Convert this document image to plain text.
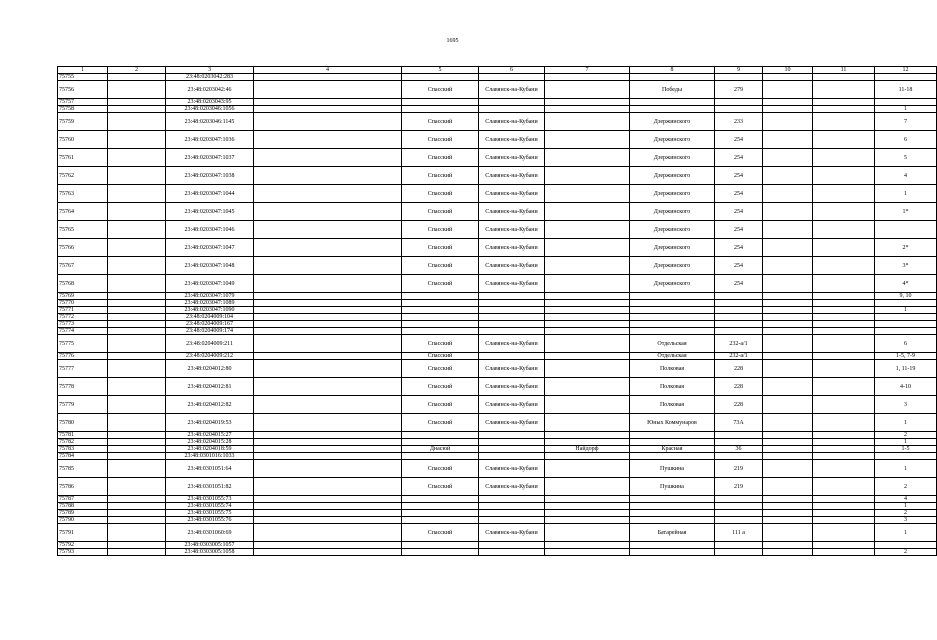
1695
1	2	3	4	5	6	7	8	9	10	11	12
75755		23:48:0203042:283									
75756		23:48:0203042:46		Спасский	Славянск-на-Кубани		Победы	279			11-18
75757		23:48:0203043:95									
75758		23:48:0203046:1056									1
75759		23:48:0203046:1145		Спасский	Славянск-на-Кубани		Дзержинского	233			7
75760		23:48:0203047:1036		Спасский	Славянск-на-Кубани		Дзержинского	254			6
75761		23:48:0203047:1037		Спасский	Славянск-на-Кубани		Дзержинского	254			5
75762		23:48:0203047:1038		Спасский	Славянск-на-Кубани		Дзержинского	254			4
75763		23:48:0203047:1044		Спасский	Славянск-на-Кубани		Дзержинского	254			1
75764		23:48:0203047:1045		Спасский	Славянск-на-Кубани		Дзержинского	254			1*
75765		23:48:0203047:1046		Спасский	Славянск-на-Кубани		Дзержинского	254			
75766		23:48:0203047:1047		Спасский	Славянск-на-Кубани		Дзержинского	254			2*
75767		23:48:0203047:1048		Спасский	Славянск-на-Кубани		Дзержинского	254			3*
75768		23:48:0203047:1049		Спасский	Славянск-на-Кубани		Дзержинского	254			4*
75769		23:48:0203047:1079									9, 10
75770		23:48:0203047:1089									
75771		23:48:0203047:1090									1
75772		23:48:0204009:104									
75773		23:48:0204009:167									
75774		23:48:0204009:174									
75775		23:48:0204009:211		Спасский	Славянск-на-Кубани		Отдельская	232-а/1			6
75776		23:48:0204009:212		Спасский			Отдельская	232-а/1			1-5, 7-9
75777		23:48:0204012:80		Спасский	Славянск-на-Кубани		Полковая	228			1, 11-19
75778		23:48:0204012:81		Спасский	Славянск-на-Кубани		Полковая	228			4-10
75779		23:48:0204012:82		Спасский	Славянск-на-Кубани		Полковая	228			3
75780		23:48:0204019:53		Спасский	Славянск-на-Кубани		Юных Коммунаров	73А			1
75781		23:48:0204015:27									2
75782		23:48:0204015:28									1
75783		23:48:0204018:59		Днасюй		Найдорф	Красная	36			1-5
75784		23:48:0301016:1033									
75785		23:48:0301051:64		Спасский	Славянск-на-Кубани		Пушкина	219			1
75786		23:48:0301051:82		Спасский	Славянск-на-Кубани		Пушкина	219			2
75787		23:48:0301055:73									4
75788		23:48:0301055:74									1
75789		23:48:0301055:75									2
75790		23:48:0301055:76									3
75791		23:48:0301060:69		Спасский	Славянск-на-Кубани		Батарейная	111 а			1
75792		23:48:0303005:1057									
75793		23:48:0303005:1058									2
